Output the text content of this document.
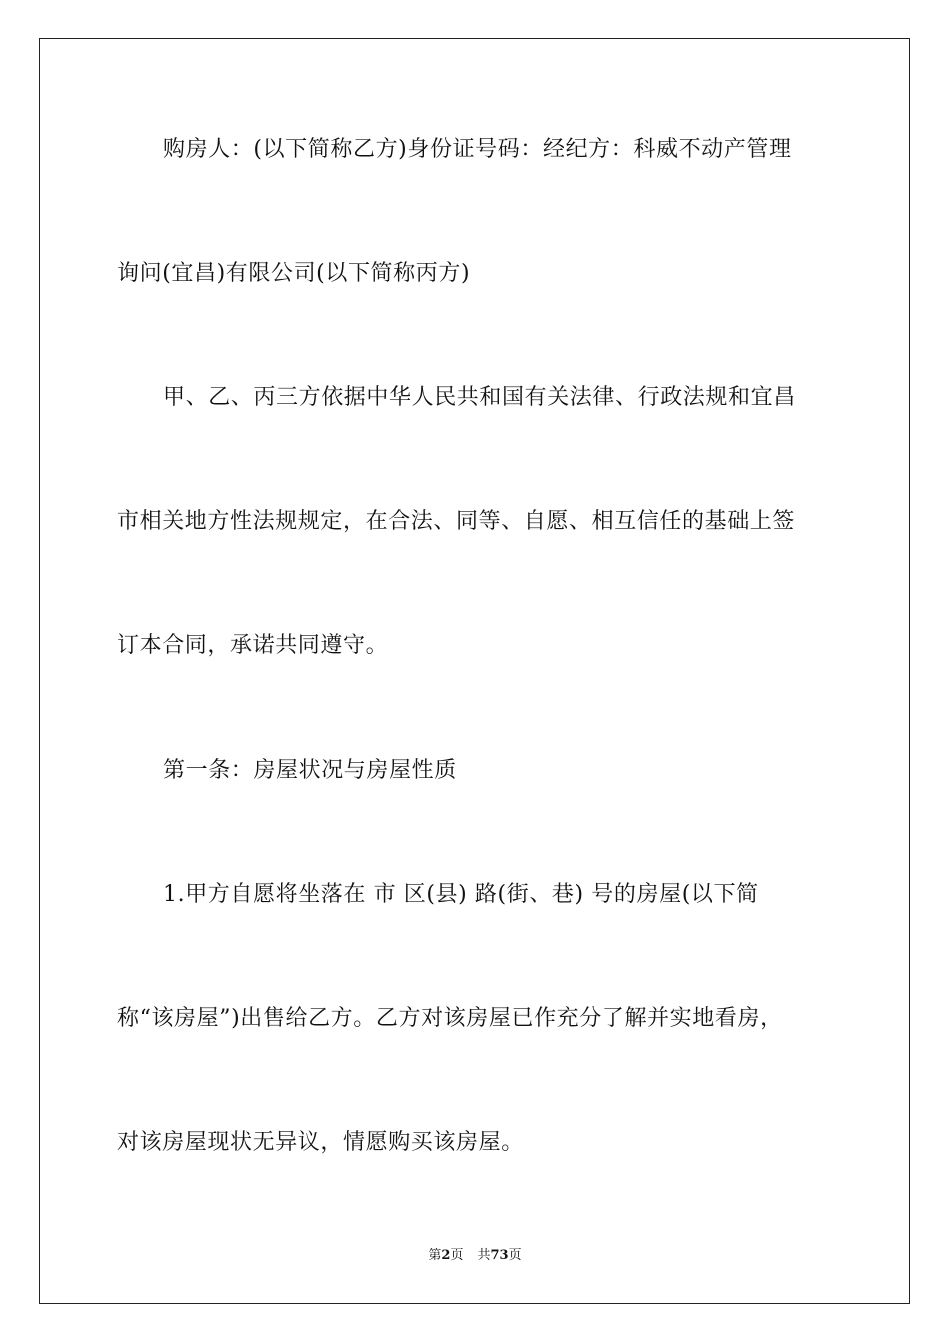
购房人：(以下简称乙方)身份证号码：经纪方：科威不动产管理
询问(宜昌)有限公司(以下简称丙方)
甲、乙、丙三方依据中华人民共和国有关法律、行政法规和宜昌
市相关地方性法规规定，在合法、同等、自愿、相互信任的基础上签
订本合同，承诺共同遵守。
第一条：房屋状况与房屋性质
1.甲方自愿将坐落在 市 区(县) 路(街、巷) 号的房屋(以下简
称“该房屋”)出售给乙方。乙方对该房屋已作充分了解并实地看房，
对该房屋现状无异议，情愿购买该房屋。
第2页 共73页
